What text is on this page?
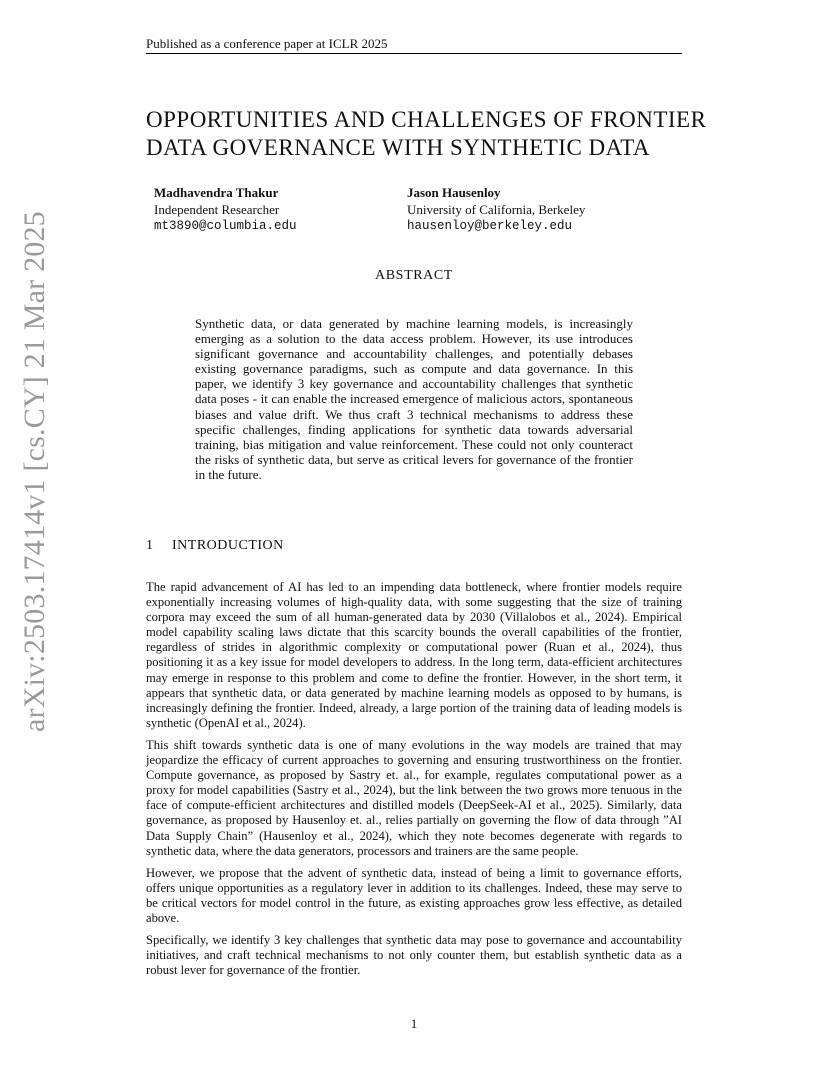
Published as a conference paper at ICLR 2025
arXiv:2503.17414v1 [cs.CY] 21 Mar 2025
OPPORTUNITIES AND CHALLENGES OF FRONTIER
DATA GOVERNANCE WITH SYNTHETIC DATA
Madhavendra Thakur
Independent Researcher
mt3890@columbia.edu
Jason Hausenloy
University of California, Berkeley
hausenloy@berkeley.edu
ABSTRACT
Synthetic data, or data generated by machine learning models, is increasingly emerging as a solution to the data access problem. However, its use introduces significant governance and accountability challenges, and potentially debases existing governance paradigms, such as compute and data governance. In this paper, we identify 3 key governance and accountability challenges that synthetic data poses - it can enable the increased emergence of malicious actors, spontaneous biases and value drift. We thus craft 3 technical mechanisms to address these specific challenges, finding applications for synthetic data towards adversarial training, bias mitigation and value reinforcement. These could not only counteract the risks of synthetic data, but serve as critical levers for governance of the frontier in the future.
1 INTRODUCTION

The rapid advancement of AI has led to an impending data bottleneck, where frontier models require exponentially increasing volumes of high-quality data, with some suggesting that the size of training corpora may exceed the sum of all human-generated data by 2030 (Villalobos et al., 2024). Empirical model capability scaling laws dictate that this scarcity bounds the overall capabilities of the frontier, regardless of strides in algorithmic complexity or computational power (Ruan et al., 2024), thus positioning it as a key issue for model developers to address. In the long term, data-efficient architectures may emerge in response to this problem and come to define the frontier. However, in the short term, it appears that synthetic data, or data generated by machine learning models as opposed to by humans, is increasingly defining the frontier. Indeed, already, a large portion of the training data of leading models is synthetic (OpenAI et al., 2024).

This shift towards synthetic data is one of many evolutions in the way models are trained that may jeopardize the efficacy of current approaches to governing and ensuring trustworthiness on the frontier. Compute governance, as proposed by Sastry et. al., for example, regulates computational power as a proxy for model capabilities (Sastry et al., 2024), but the link between the two grows more tenuous in the face of compute-efficient architectures and distilled models (DeepSeek-AI et al., 2025). Similarly, data governance, as proposed by Hausenloy et. al., relies partially on governing the flow of data through ”AI Data Supply Chain” (Hausenloy et al., 2024), which they note becomes degenerate with regards to synthetic data, where the data generators, processors and trainers are the same people.

However, we propose that the advent of synthetic data, instead of being a limit to governance efforts, offers unique opportunities as a regulatory lever in addition to its challenges. Indeed, these may serve to be critical vectors for model control in the future, as existing approaches grow less effective, as detailed above.

Specifically, we identify 3 key challenges that synthetic data may pose to governance and accountability initiatives, and craft technical mechanisms to not only counter them, but establish synthetic data as a robust lever for governance of the frontier.

1
